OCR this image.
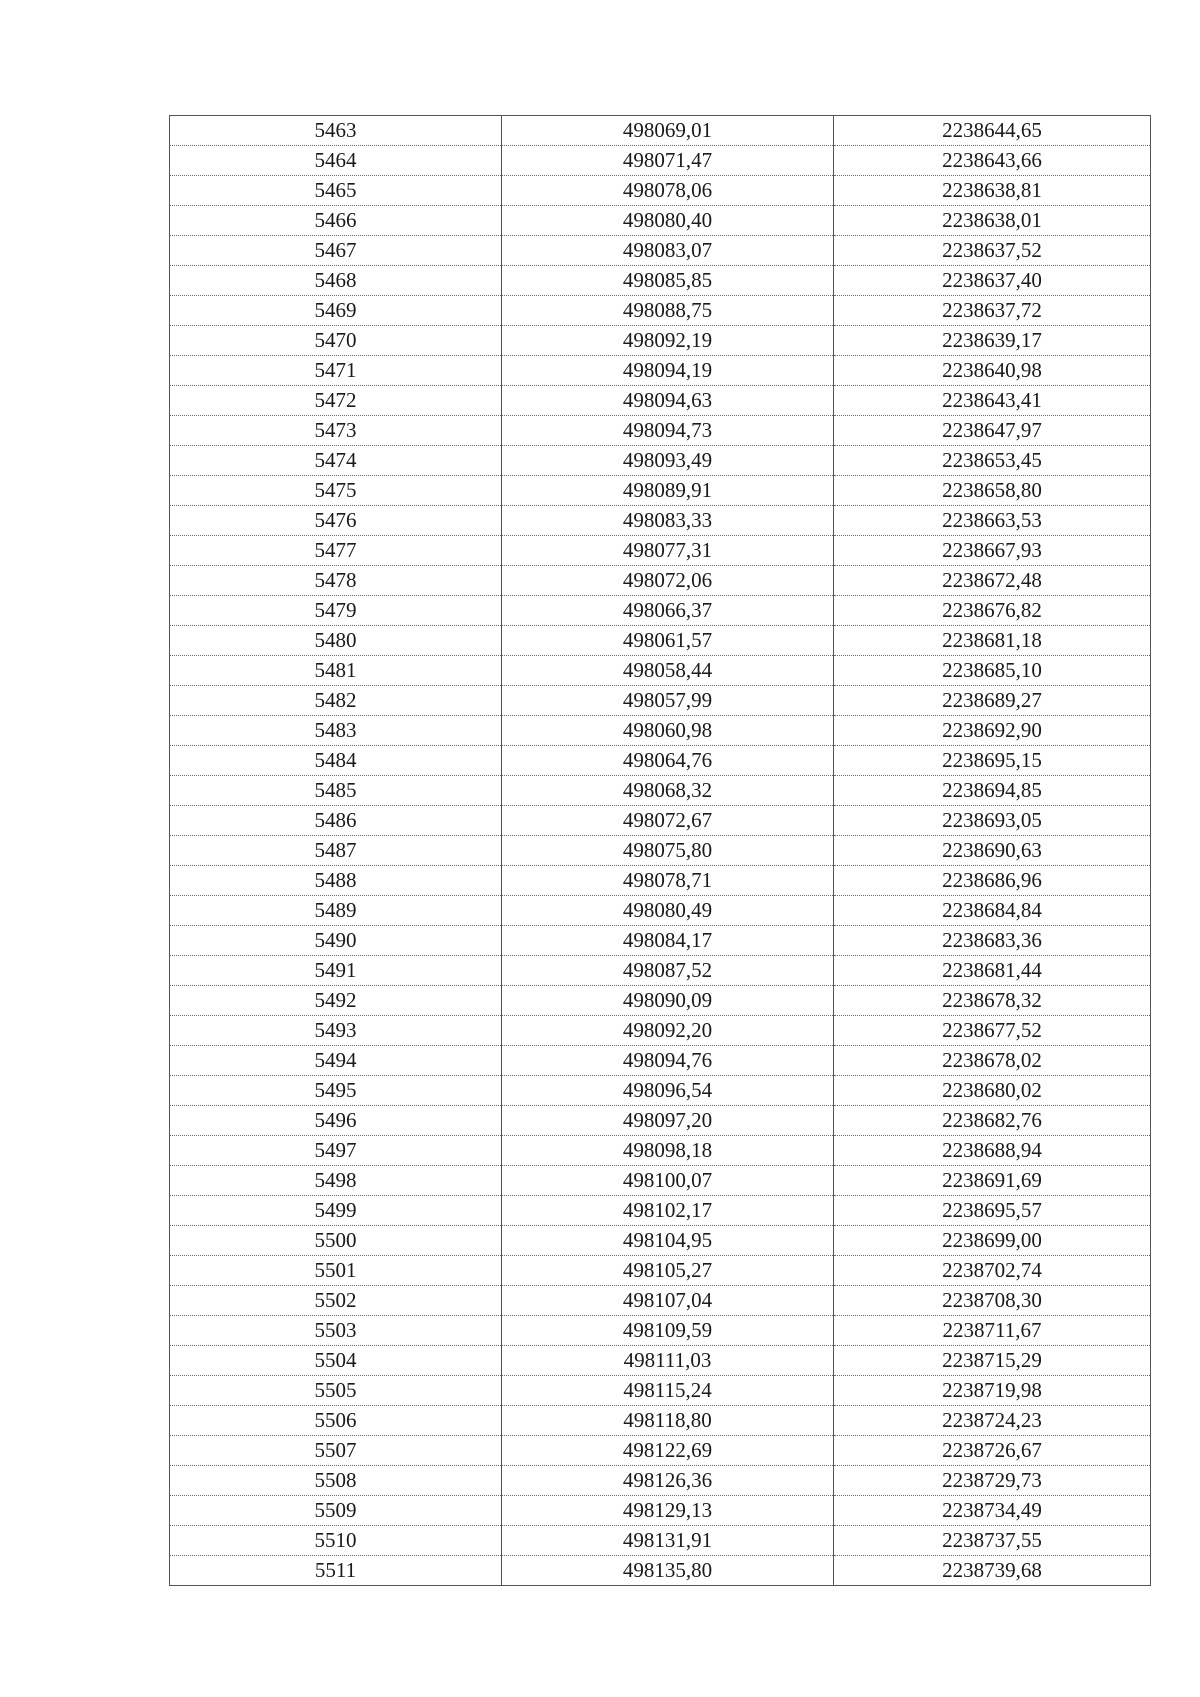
5463	498069,01	2238644,65
5464	498071,47	2238643,66
5465	498078,06	2238638,81
5466	498080,40	2238638,01
5467	498083,07	2238637,52
5468	498085,85	2238637,40
5469	498088,75	2238637,72
5470	498092,19	2238639,17
5471	498094,19	2238640,98
5472	498094,63	2238643,41
5473	498094,73	2238647,97
5474	498093,49	2238653,45
5475	498089,91	2238658,80
5476	498083,33	2238663,53
5477	498077,31	2238667,93
5478	498072,06	2238672,48
5479	498066,37	2238676,82
5480	498061,57	2238681,18
5481	498058,44	2238685,10
5482	498057,99	2238689,27
5483	498060,98	2238692,90
5484	498064,76	2238695,15
5485	498068,32	2238694,85
5486	498072,67	2238693,05
5487	498075,80	2238690,63
5488	498078,71	2238686,96
5489	498080,49	2238684,84
5490	498084,17	2238683,36
5491	498087,52	2238681,44
5492	498090,09	2238678,32
5493	498092,20	2238677,52
5494	498094,76	2238678,02
5495	498096,54	2238680,02
5496	498097,20	2238682,76
5497	498098,18	2238688,94
5498	498100,07	2238691,69
5499	498102,17	2238695,57
5500	498104,95	2238699,00
5501	498105,27	2238702,74
5502	498107,04	2238708,30
5503	498109,59	2238711,67
5504	498111,03	2238715,29
5505	498115,24	2238719,98
5506	498118,80	2238724,23
5507	498122,69	2238726,67
5508	498126,36	2238729,73
5509	498129,13	2238734,49
5510	498131,91	2238737,55
5511	498135,80	2238739,68
